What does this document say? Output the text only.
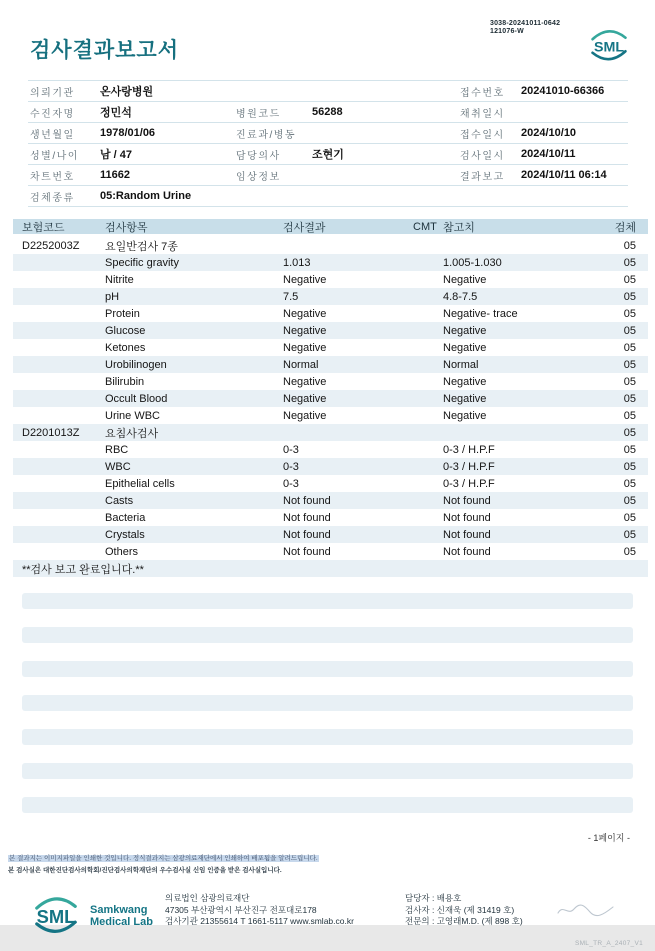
검사결과보고서
3038-20241011-0642
121076-W
SML
의뢰기관	온사랑병원	접수번호	20241010-66366
수진자명	정민석	병원코드	56288	채취일시
생년월일	1978/01/06	진료과/병동	접수일시	2024/10/10
성별/나이	남 / 47	담당의사	조현기	검사일시	2024/10/11
차트번호	11662	임상정보	결과보고	2024/10/11 06:14
검체종류	05:Random Urine
보험코드	검사항목	검사결과	CMT 참고치	검체
D2252003Z	요일반검사 7종	05
Specific gravity	1.013	1.005-1.030	05
Nitrite	Negative	Negative	05
pH	7.5	4.8-7.5	05
Protein	Negative	Negative- trace	05
Glucose	Negative	Negative	05
Ketones	Negative	Negative	05
Urobilinogen	Normal	Normal	05
Bilirubin	Negative	Negative	05
Occult Blood	Negative	Negative	05
Urine WBC	Negative	Negative	05
D2201013Z	요침사검사	05
RBC	0-3	0-3 / H.P.F	05
WBC	0-3	0-3 / H.P.F	05
Epithelial cells	0-3	0-3 / H.P.F	05
Casts	Not found	Not found	05
Bacteria	Not found	Not found	05
Crystals	Not found	Not found	05
Others	Not found	Not found	05
**검사 보고 완료입니다.**
- 1페이지 -
본 결과지는 이미지파일을 인쇄한 것입니다. 정식결과지는 삼광의료재단에서 인쇄하여 배포됨을 알려드립니다.
본 검사실은 대한진단검사의학회/진단검사의학재단의 우수검사실 신임 인증을 받은 검사실입니다.
SML Samkwang
Medical Lab
의료법인 삼광의료재단
47305 부산광역시 부산진구 전포대로178
검사기관 21355614 T 1661-5117 www.smlab.co.kr
담당자 : 배용호
검사자 : 신재욱 (제 31419 호)
전문의 : 고영래M.D. (제 898 호)
SML_TR_A_2407_V1
